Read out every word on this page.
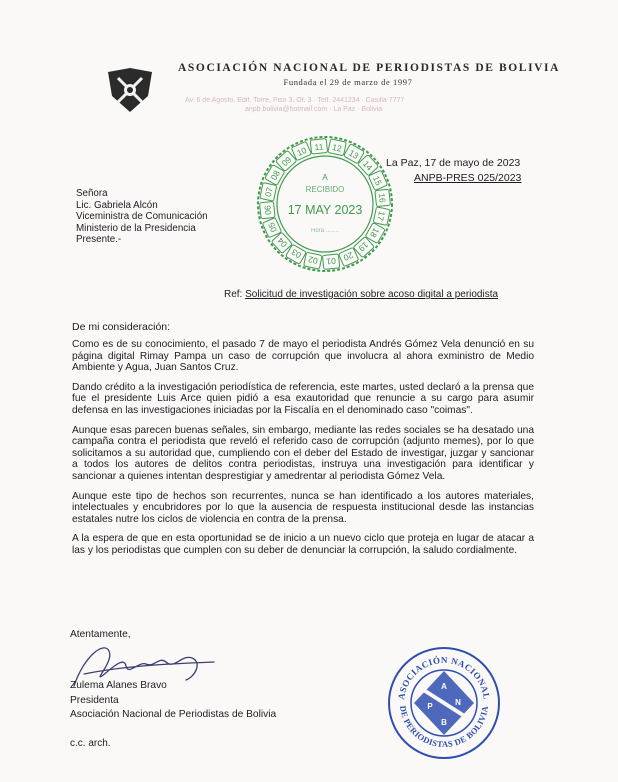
ASOCIACIÓN NACIONAL DE PERIODISTAS DE BOLIVIA
Fundada el 29 de marzo de 1997
Av. 6 de Agosto, Edif. Torre, Piso 3, Of. 3 · Telf. 2441234 · Casilla 7777
anpb.bolivia@hotmail.com · La Paz · Bolivia
08
09
10 11 12 13
14
15
16
17
18
19
20
01
02
03
04
05
06
07
A
RECIBIDO
17 MAY 2023
Hora ........
La Paz, 17 de mayo de 2023
ANPB-PRES 025/2023
Señora
Lic. Gabriela Alcón
Viceministra de Comunicación
Ministerio de la Presidencia
Presente.-
Ref: Solicitud de investigación sobre acoso digital a periodista
De mi consideración:

Como es de su conocimiento, el pasado 7 de mayo el periodista Andrés Gómez Vela denunció en su página digital Rimay Pampa un caso de corrupción que involucra al ahora exministro de Medio Ambiente y Agua, Juan Santos Cruz.

Dando crédito a la investigación periodística de referencia, este martes, usted declaró a la prensa que fue el presidente Luis Arce quien pidió a esa exautoridad que renuncie a su cargo para asumir defensa en las investigaciones iniciadas por la Fiscalía en el denominado caso "coimas".

Aunque esas parecen buenas señales, sin embargo, mediante las redes sociales se ha desatado una campaña contra el periodista que reveló el referido caso de corrupción (adjunto memes), por lo que solicitamos a su autoridad que, cumpliendo con el deber del Estado de investigar, juzgar y sancionar a todos los autores de delitos contra periodistas, instruya una investigación para identificar y sancionar a quienes intentan desprestigiar y amedrentar al periodista Gómez Vela.

Aunque este tipo de hechos son recurrentes, nunca se han identificado a los autores materiales, intelectuales y encubridores por lo que la ausencia de respuesta institucional desde las instancias estatales nutre los ciclos de violencia en contra de la prensa.

A la espera de que en esta oportunidad se de inicio a un nuevo ciclo que proteja en lugar de atacar a las y los periodistas que cumplen con su deber de denunciar la corrupción, la saludo cordialmente.

Atentamente,
Zulema Alanes Bravo
Presidenta
Asociación Nacional de Periodistas de Bolivia
c.c. arch.
ASOCIACIÓN NACIONAL
DE PERIODISTAS DE BOLIVIA
A
N
P
B
